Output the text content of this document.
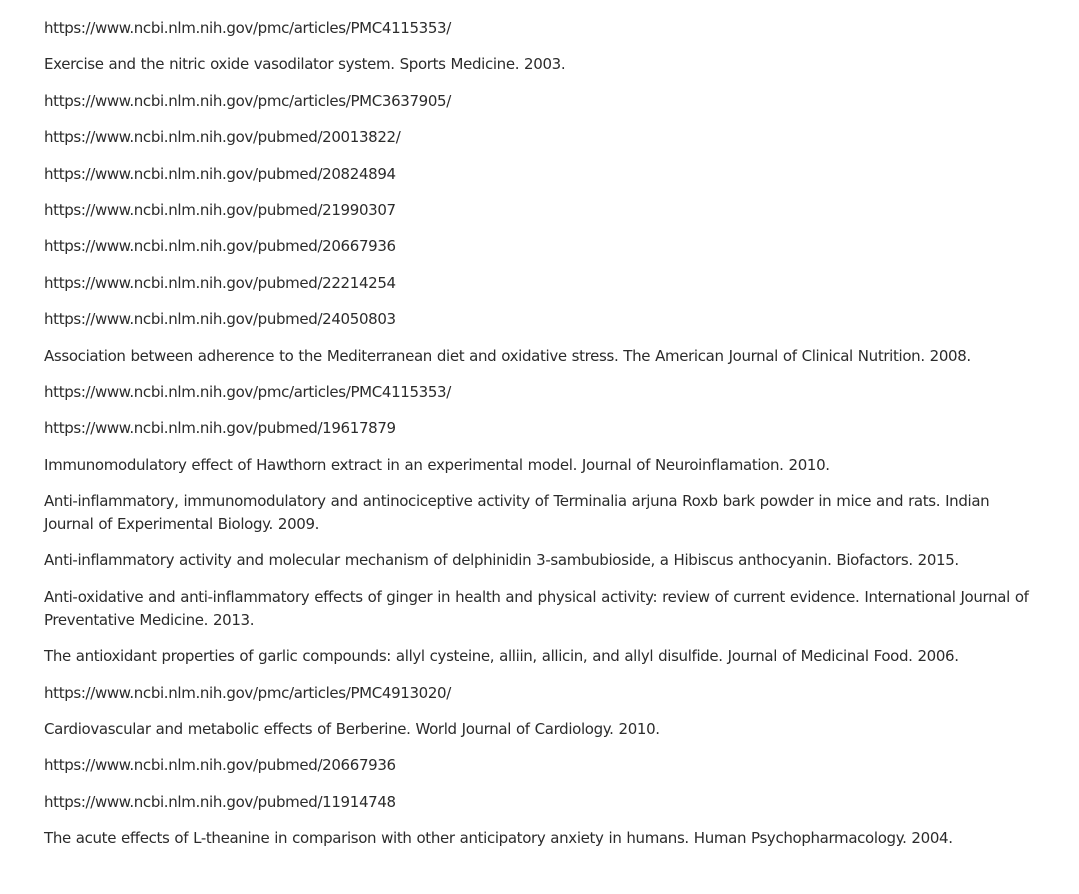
https://www.ncbi.nlm.nih.gov/pmc/articles/PMC4115353/
Exercise and the nitric oxide vasodilator system. Sports Medicine. 2003.
https://www.ncbi.nlm.nih.gov/pmc/articles/PMC3637905/
https://www.ncbi.nlm.nih.gov/pubmed/20013822/
https://www.ncbi.nlm.nih.gov/pubmed/20824894
https://www.ncbi.nlm.nih.gov/pubmed/21990307
https://www.ncbi.nlm.nih.gov/pubmed/20667936
https://www.ncbi.nlm.nih.gov/pubmed/22214254
https://www.ncbi.nlm.nih.gov/pubmed/24050803
Association between adherence to the Mediterranean diet and oxidative stress. The American Journal of Clinical Nutrition. 2008.
https://www.ncbi.nlm.nih.gov/pmc/articles/PMC4115353/
https://www.ncbi.nlm.nih.gov/pubmed/19617879
Immunomodulatory effect of Hawthorn extract in an experimental model. Journal of Neuroinflamation. 2010.
Anti-inflammatory, immunomodulatory and antinociceptive activity of Terminalia arjuna Roxb bark powder in mice and rats. Indian Journal of Experimental Biology. 2009.
Anti-inflammatory activity and molecular mechanism of delphinidin 3-sambubioside, a Hibiscus anthocyanin. Biofactors. 2015.
Anti-oxidative and anti-inflammatory effects of ginger in health and physical activity: review of current evidence. International Journal of Preventative Medicine. 2013.
The antioxidant properties of garlic compounds: allyl cysteine, alliin, allicin, and allyl disulfide. Journal of Medicinal Food. 2006.
https://www.ncbi.nlm.nih.gov/pmc/articles/PMC4913020/
Cardiovascular and metabolic effects of Berberine. World Journal of Cardiology. 2010.
https://www.ncbi.nlm.nih.gov/pubmed/20667936
https://www.ncbi.nlm.nih.gov/pubmed/11914748
The acute effects of L-theanine in comparison with other anticipatory anxiety in humans. Human Psychopharmacology. 2004.
